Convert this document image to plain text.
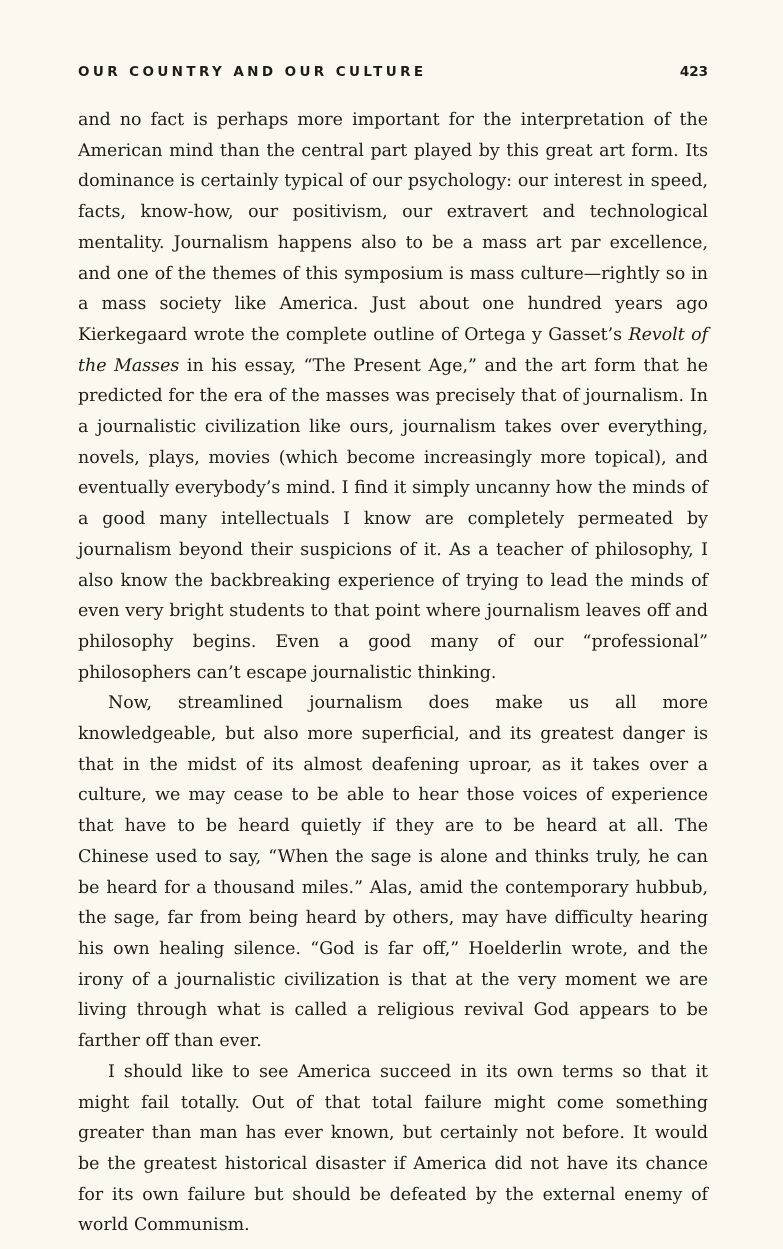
OUR COUNTRY AND OUR CULTURE	423

and no fact is perhaps more important for the interpretation of the American mind than the central part played by this great art form. Its dominance is certainly typical of our psychology: our interest in speed, facts, know-how, our positivism, our extravert and technological mentality. Journalism happens also to be a mass art par excellence, and one of the themes of this symposium is mass culture—rightly so in a mass society like America. Just about one hundred years ago Kierkegaard wrote the complete outline of Ortega y Gasset’s Revolt of the Masses in his essay, “The Present Age,” and the art form that he predicted for the era of the masses was precisely that of journalism. In a journalistic civilization like ours, journalism takes over everything, novels, plays, movies (which become increasingly more topical), and eventually everybody’s mind. I find it simply uncanny how the minds of a good many intellectuals I know are completely permeated by journalism beyond their suspicions of it. As a teacher of philosophy, I also know the backbreaking experience of trying to lead the minds of even very bright students to that point where journalism leaves off and philosophy begins. Even a good many of our “professional” philosophers can’t escape journalistic thinking.

Now, streamlined journalism does make us all more knowledgeable, but also more superficial, and its greatest danger is that in the midst of its almost deafening uproar, as it takes over a culture, we may cease to be able to hear those voices of experience that have to be heard quietly if they are to be heard at all. The Chinese used to say, “When the sage is alone and thinks truly, he can be heard for a thousand miles.” Alas, amid the contemporary hubbub, the sage, far from being heard by others, may have difficulty hearing his own healing silence. “God is far off,” Hoelderlin wrote, and the irony of a journalistic civilization is that at the very moment we are living through what is called a religious revival God appears to be farther off than ever.

I should like to see America succeed in its own terms so that it might fail totally. Out of that total failure might come something greater than man has ever known, but certainly not before. It would be the greatest historical disaster if America did not have its chance for its own failure but should be defeated by the external enemy of world Communism.
